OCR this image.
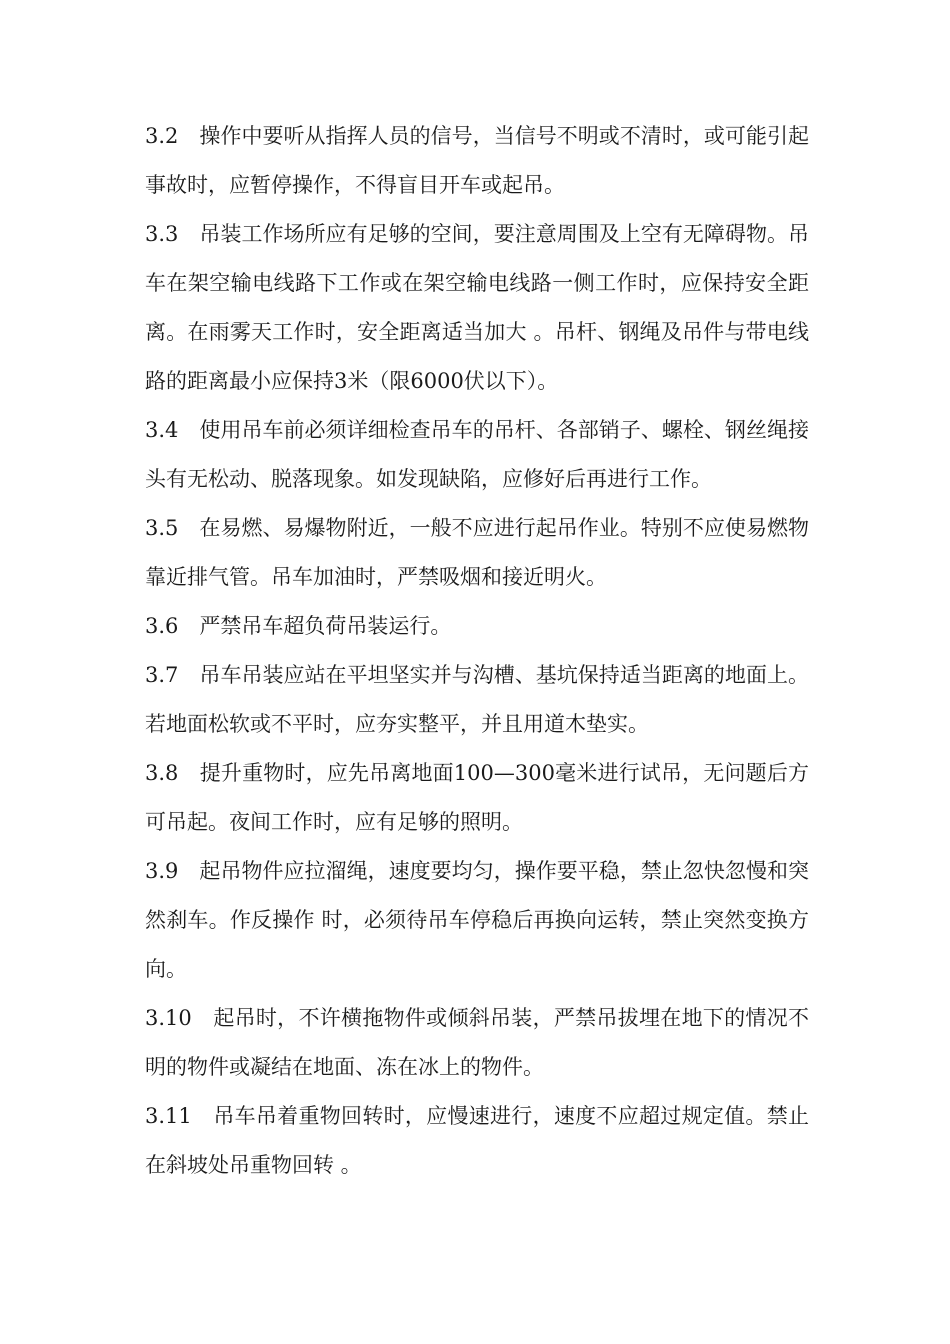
3.2　操作中要听从指挥人员的信号，当信号不明或不清时，或可能引起事故时，应暂停操作，不得盲目开车或起吊。

3.3　吊装工作场所应有足够的空间，要注意周围及上空有无障碍物。吊车在架空输电线路下工作或在架空输电线路一侧工作时，应保持安全距离。在雨雾天工作时，安全距离适当加大 。吊杆、钢绳及吊件与带电线路的距离最小应保持3米（限6000伏以下）。

3.4　使用吊车前必须详细检查吊车的吊杆、各部销子、螺栓、钢丝绳接头有无松动、脱落现象。如发现缺陷，应修好后再进行工作。

3.5　在易燃、易爆物附近，一般不应进行起吊作业。特别不应使易燃物靠近排气管。吊车加油时，严禁吸烟和接近明火。

3.6　严禁吊车超负荷吊装运行。

3.7　吊车吊装应站在平坦坚实并与沟槽、基坑保持适当距离的地面上。若地面松软或不平时，应夯实整平，并且用道木垫实。

3.8　提升重物时，应先吊离地面100—300毫米进行试吊，无问题后方可吊起。夜间工作时，应有足够的照明。

3.9　起吊物件应拉溜绳，速度要均匀，操作要平稳，禁止忽快忽慢和突然刹车。作反操作 时，必须待吊车停稳后再换向运转，禁止突然变换方向。

3.10　起吊时，不许横拖物件或倾斜吊装，严禁吊拔埋在地下的情况不明的物件或凝结在地面、冻在冰上的物件。

3.11　吊车吊着重物回转时，应慢速进行，速度不应超过规定值。禁止在斜坡处吊重物回转 。
